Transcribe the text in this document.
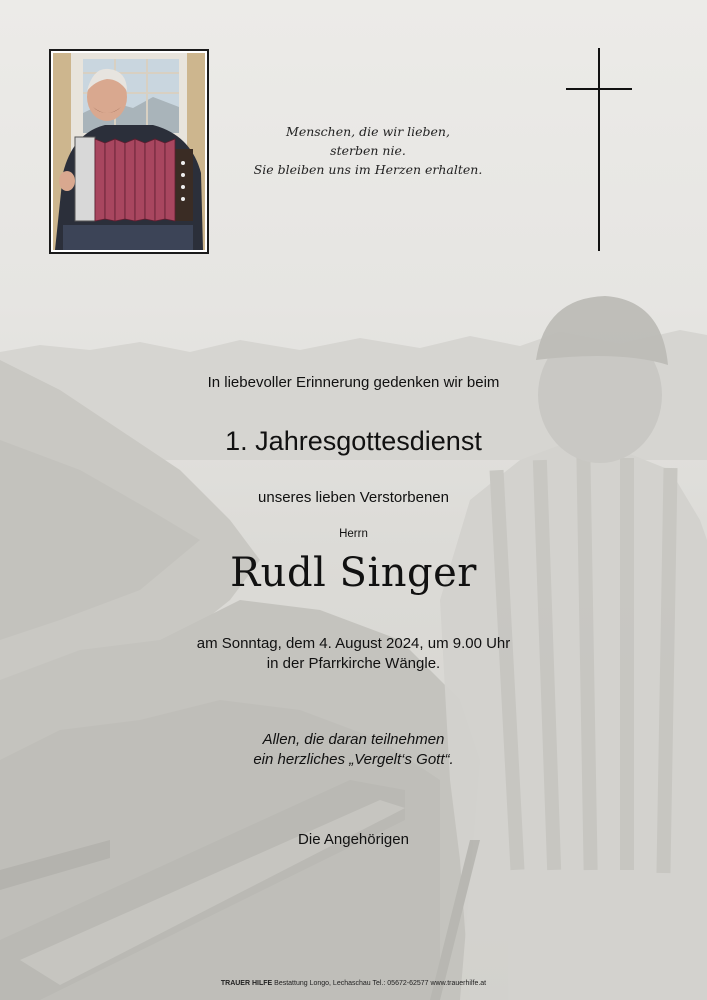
Menschen, die wir lieben,
sterben nie.
Sie bleiben uns im Herzen erhalten.
In liebevoller Erinnerung gedenken wir beim
1. Jahresgottesdienst
unseres lieben Verstorbenen
Herrn
Rudl Singer
am Sonntag, dem 4. August 2024, um 9.00 Uhr
in der Pfarrkirche Wängle.
Allen, die daran teilnehmen
ein herzliches „Vergelt‘s Gott“.
Die Angehörigen
TRAUER HILFE Bestattung Longo, Lechaschau Tel.: 05672-62577 www.trauerhilfe.at
